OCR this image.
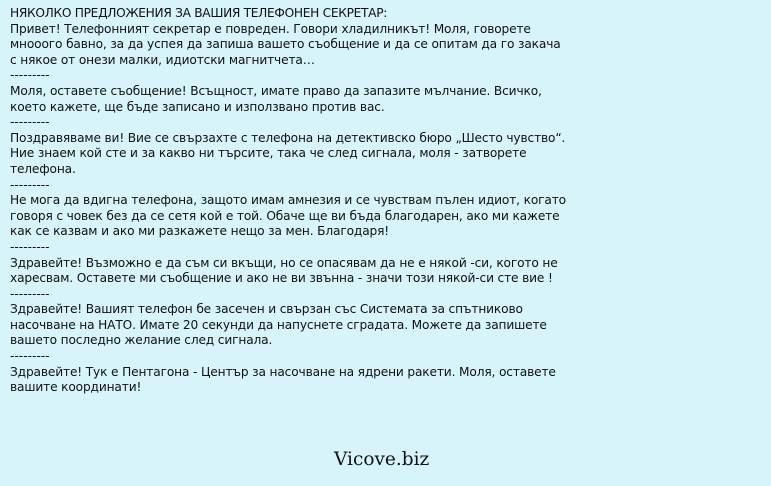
НЯКОЛКО ПРЕДЛОЖЕНИЯ ЗА ВАШИЯ ТЕЛЕФОНЕН СЕКРЕТАР:
Привет! Телефонният секретар е повреден. Говори хладилникът! Моля, говорете
мнооого бавно, за да успея да запиша вашето съобщение и да се опитам да го закача
с някое от онези малки, идиотски магнитчета…
---------
Моля, оставете съобщение! Всъщност, имате право да запазите мълчание. Всичко,
което кажете, ще бъде записано и използвано против вас.
---------
Поздравяваме ви! Вие се свързахте с телефона на детективско бюро „Шесто чувство“.
Ние знаем кой сте и за какво ни търсите, така че след сигнала, моля - затворете
телефона.
---------
Не мога да вдигна телефона, защото имам амнезия и се чувствам пълен идиот, когато
говоря с човек без да се сетя кой е той. Обаче ще ви бъда благодарен, ако ми кажете
как се казвам и ако ми разкажете нещо за мен. Благодаря!
---------
Здравейте! Възможно е да съм си вкъщи, но се опасявам да не е някой -си, когото не
харесвам. Оставете ми съобщение и ако не ви звънна - значи този някой-си сте вие !
---------
Здравейте! Вашият телефон бе засечен и свързан със Системата за спътниково
насочване на НАТО. Имате 20 секунди да напуснете сградата. Можете да запишете
вашето последно желание след сигнала.
---------
Здравейте! Тук е Пентагона - Център за насочване на ядрени ракети. Моля, оставете
вашите координати!
Vicove.biz
